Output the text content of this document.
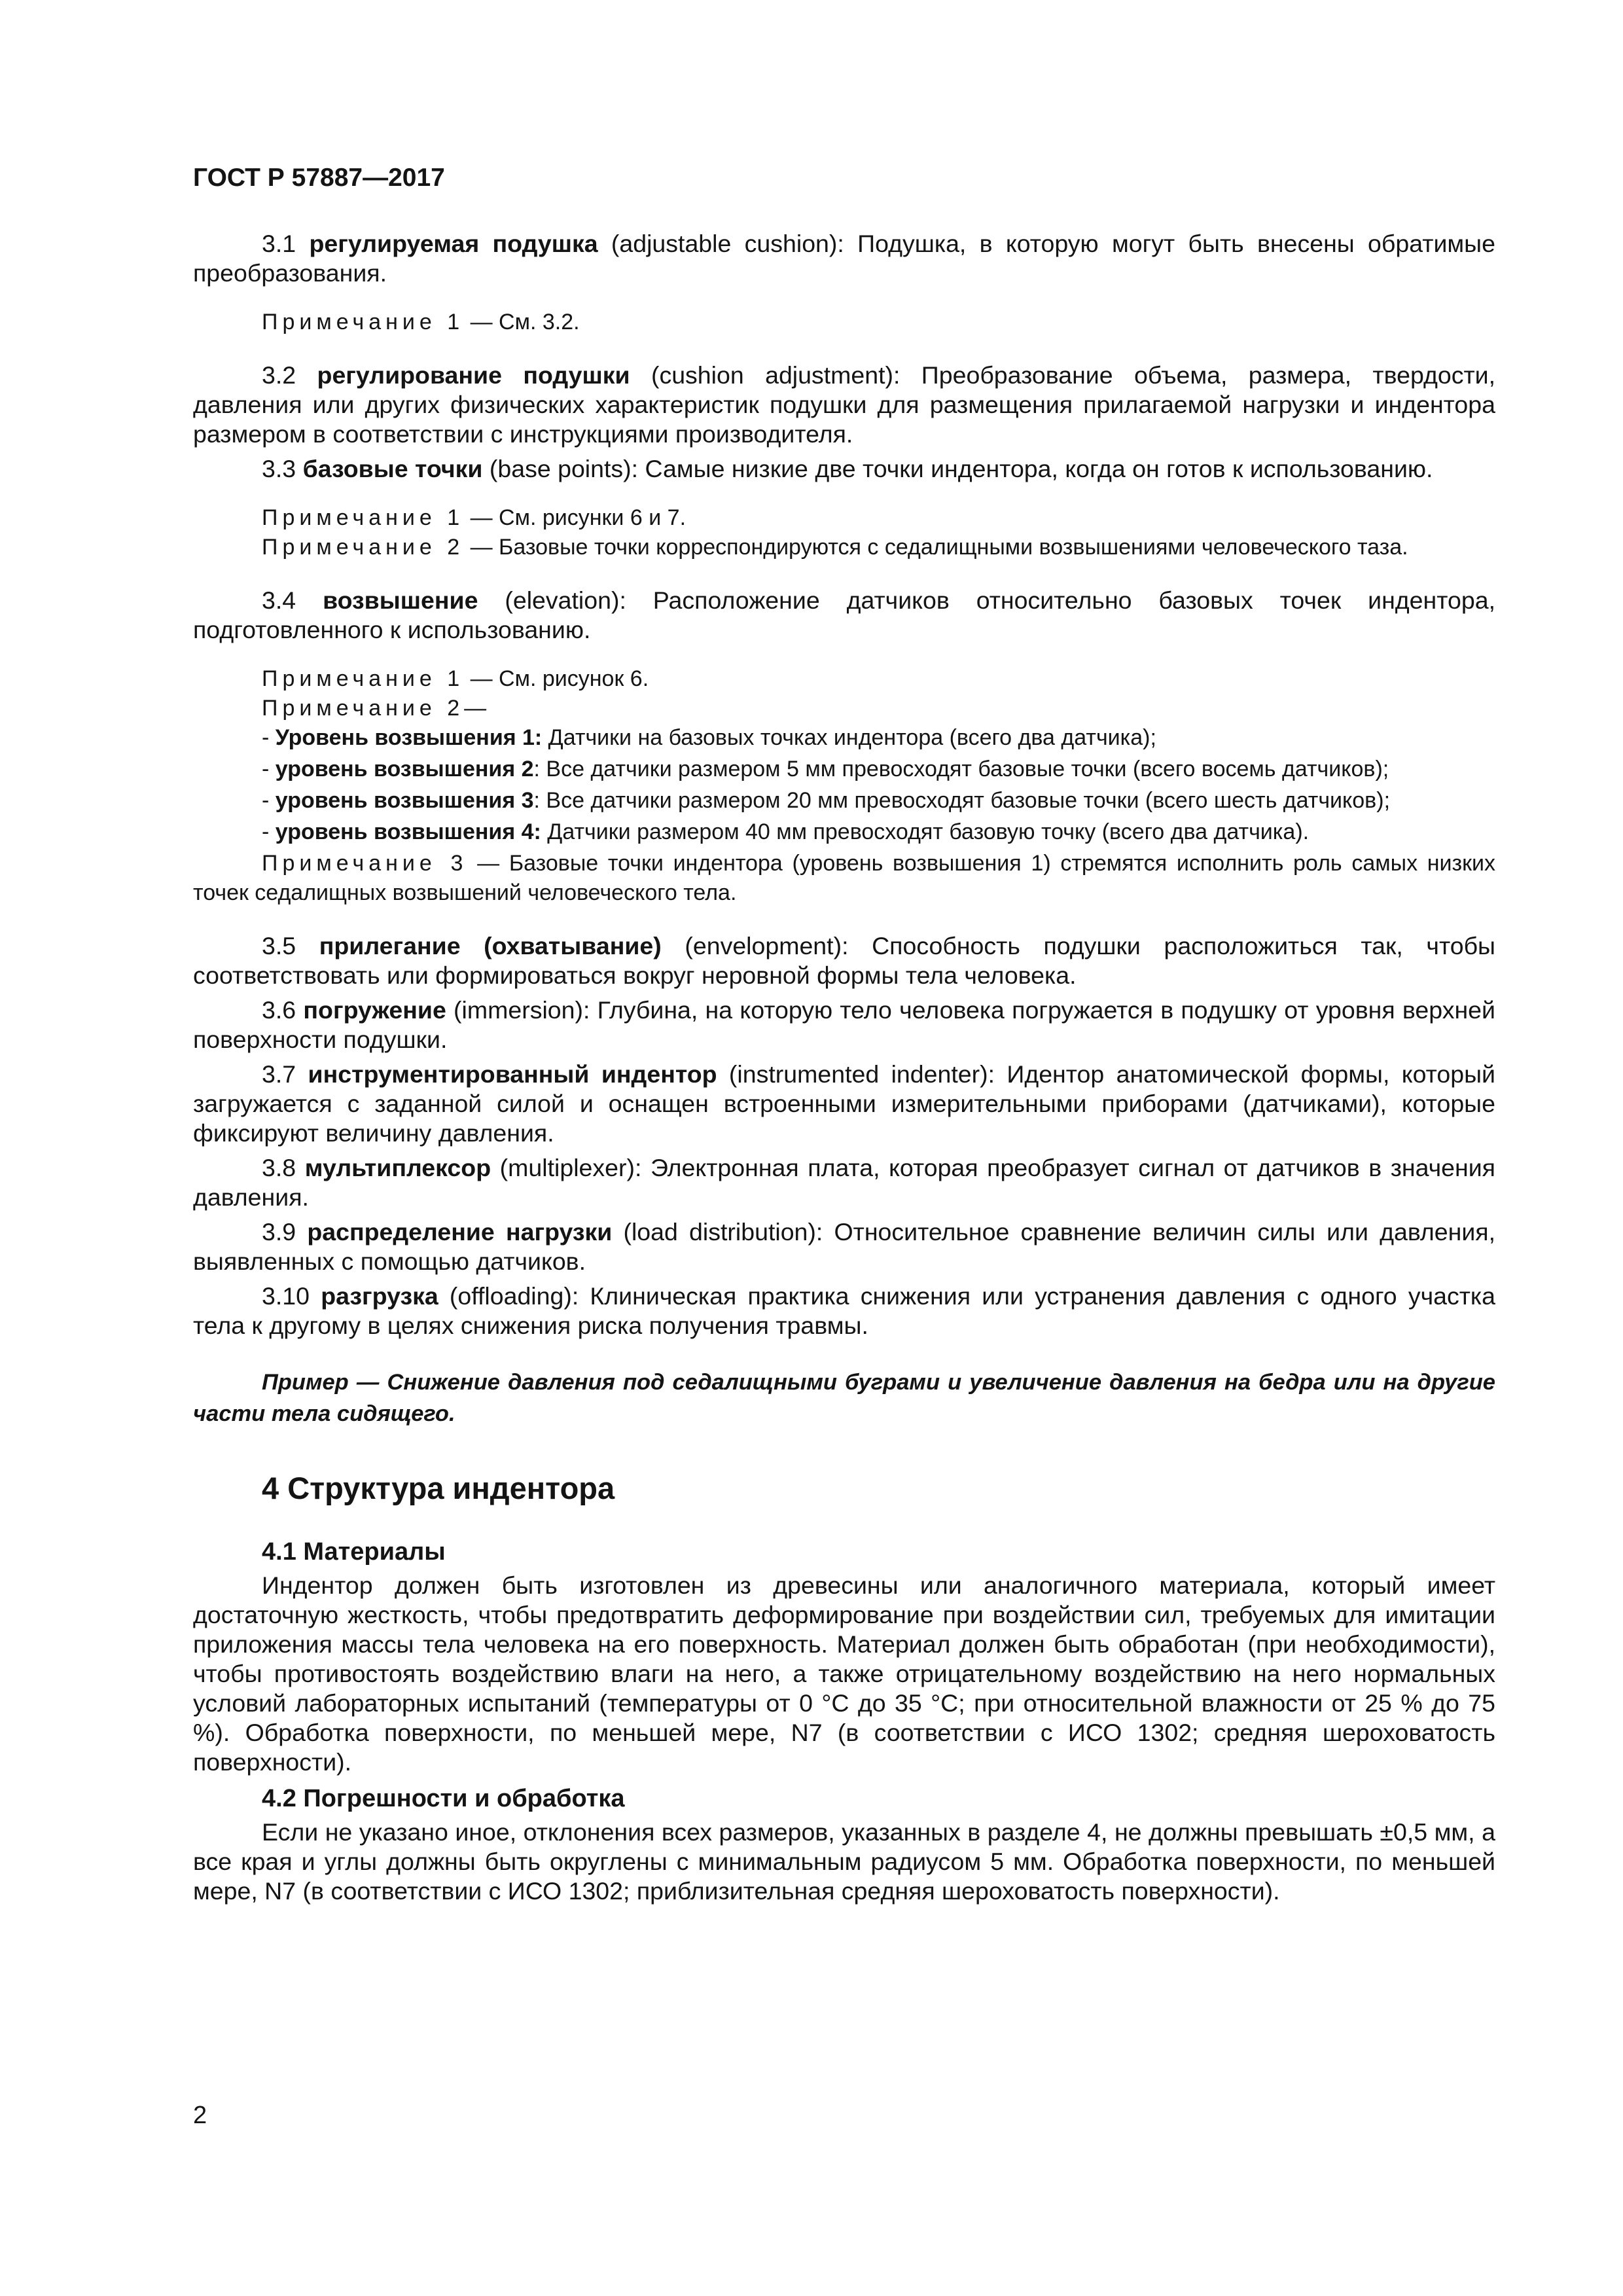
ГОСТ Р 57887—2017

3.1 регулируемая подушка (adjustable cushion): Подушка, в которую могут быть внесены обратимые преобразования.

Примечание 1 — См. 3.2.

3.2 регулирование подушки (cushion adjustment): Преобразование объема, размера, твердости, давления или других физических характеристик подушки для размещения прилагаемой нагрузки и индентора размером в соответствии с инструкциями производителя.

3.3 базовые точки (base points): Самые низкие две точки индентора, когда он готов к использованию.

Примечание 1 — См. рисунки 6 и 7.

Примечание 2 — Базовые точки корреспондируются с седалищными возвышениями человеческого таза.

3.4 возвышение (elevation): Расположение датчиков относительно базовых точек индентора, подготовленного к использованию.

Примечание 1 — См. рисунок 6.

Примечание 2—

- Уровень возвышения 1: Датчики на базовых точках индентора (всего два датчика);

- уровень возвышения 2: Все датчики размером 5 мм превосходят базовые точки (всего восемь датчиков);

- уровень возвышения 3: Все датчики размером 20 мм превосходят базовые точки (всего шесть датчиков);

- уровень возвышения 4: Датчики размером 40 мм превосходят базовую точку (всего два датчика).

Примечание 3 — Базовые точки индентора (уровень возвышения 1) стремятся исполнить роль самых низких точек седалищных возвышений человеческого тела.

3.5 прилегание (охватывание) (envelopment): Способность подушки расположиться так, чтобы соответствовать или формироваться вокруг неровной формы тела человека.

3.6 погружение (immersion): Глубина, на которую тело человека погружается в подушку от уровня верхней поверхности подушки.

3.7 инструментированный индентор (instrumented indenter): Идентор анатомической формы, который загружается с заданной силой и оснащен встроенными измерительными приборами (датчиками), которые фиксируют величину давления.

3.8 мультиплексор (multiplexer): Электронная плата, которая преобразует сигнал от датчиков в значения давления.

3.9 распределение нагрузки (load distribution): Относительное сравнение величин силы или давления, выявленных с помощью датчиков.

3.10 разгрузка (offloading): Клиническая практика снижения или устранения давления с одного участка тела к другому в целях снижения риска получения травмы.

Пример — Снижение давления под седалищными буграми и увеличение давления на бедра или на другие части тела сидящего.

4 Структура индентора
4.1 Материалы

Индентор должен быть изготовлен из древесины или аналогичного материала, который имеет достаточную жесткость, чтобы предотвратить деформирование при воздействии сил, требуемых для имитации приложения массы тела человека на его поверхность. Материал должен быть обработан (при необходимости), чтобы противостоять воздействию влаги на него, а также отрицательному воздействию на него нормальных условий лабораторных испытаний (температуры от 0 °С до 35 °С; при относительной влажности от 25 % до 75 %). Обработка поверхности, по меньшей мере, N7 (в соответствии с ИСО 1302; средняя шероховатость поверхности).

4.2 Погрешности и обработка

Если не указано иное, отклонения всех размеров, указанных в разделе 4, не должны превышать ±0,5 мм, а все края и углы должны быть округлены с минимальным радиусом 5 мм. Обработка поверхности, по меньшей мере, N7 (в соответствии с ИСО 1302; приблизительная средняя шероховатость поверхности).

2
